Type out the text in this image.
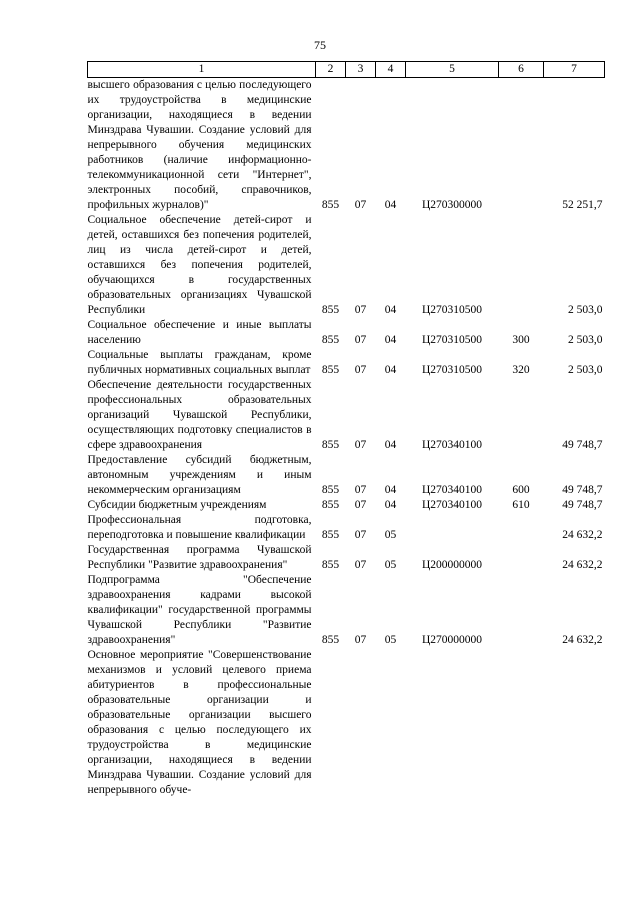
75
1	2	3	4	5	6	7
высшего образования с целью последующего их трудоустройства в медицинские организации, находящиеся в ведении Минздрава Чувашии. Создание условий для непрерывного обучения медицинских работников (наличие информационно-телекоммуникационной сети "Интернет", электронных пособий, справочников, профильных журналов)"	855	07	04	Ц270300000		52 251,7
Социальное обеспечение детей-сирот и детей, оставшихся без попечения родителей, лиц из числа детей-сирот и детей, оставшихся без попечения родителей, обучающихся в государственных образовательных организациях Чувашской Республики	855	07	04	Ц270310500		2 503,0
Социальное обеспечение и иные выплаты населению	855	07	04	Ц270310500	300	2 503,0
Социальные выплаты гражданам, кроме публичных нормативных социальных выплат	855	07	04	Ц270310500	320	2 503,0
Обеспечение деятельности государственных профессиональных образовательных организаций Чувашской Республики, осуществляющих подготовку специалистов в сфере здравоохранения	855	07	04	Ц270340100		49 748,7
Предоставление субсидий бюджетным, автономным учреждениям и иным некоммерческим организациям	855	07	04	Ц270340100	600	49 748,7
Субсидии бюджетным учреждениям	855	07	04	Ц270340100	610	49 748,7
Профессиональная подготовка, переподготовка и повышение квалификации	855	07	05			24 632,2
Государственная программа Чувашской Республики "Развитие здравоохранения"	855	07	05	Ц200000000		24 632,2
Подпрограмма "Обеспечение здравоохранения кадрами высокой квалификации" государственной программы Чувашской Республики "Развитие здравоохранения"	855	07	05	Ц270000000		24 632,2
Основное мероприятие "Совершенствование механизмов и условий целевого приема абитуриентов в профессиональные образовательные организации и образовательные организации высшего образования с целью последующего их трудоустройства в медицинские организации, находящиеся в ведении Минздрава Чувашии. Создание условий для непрерывного обуче-						
